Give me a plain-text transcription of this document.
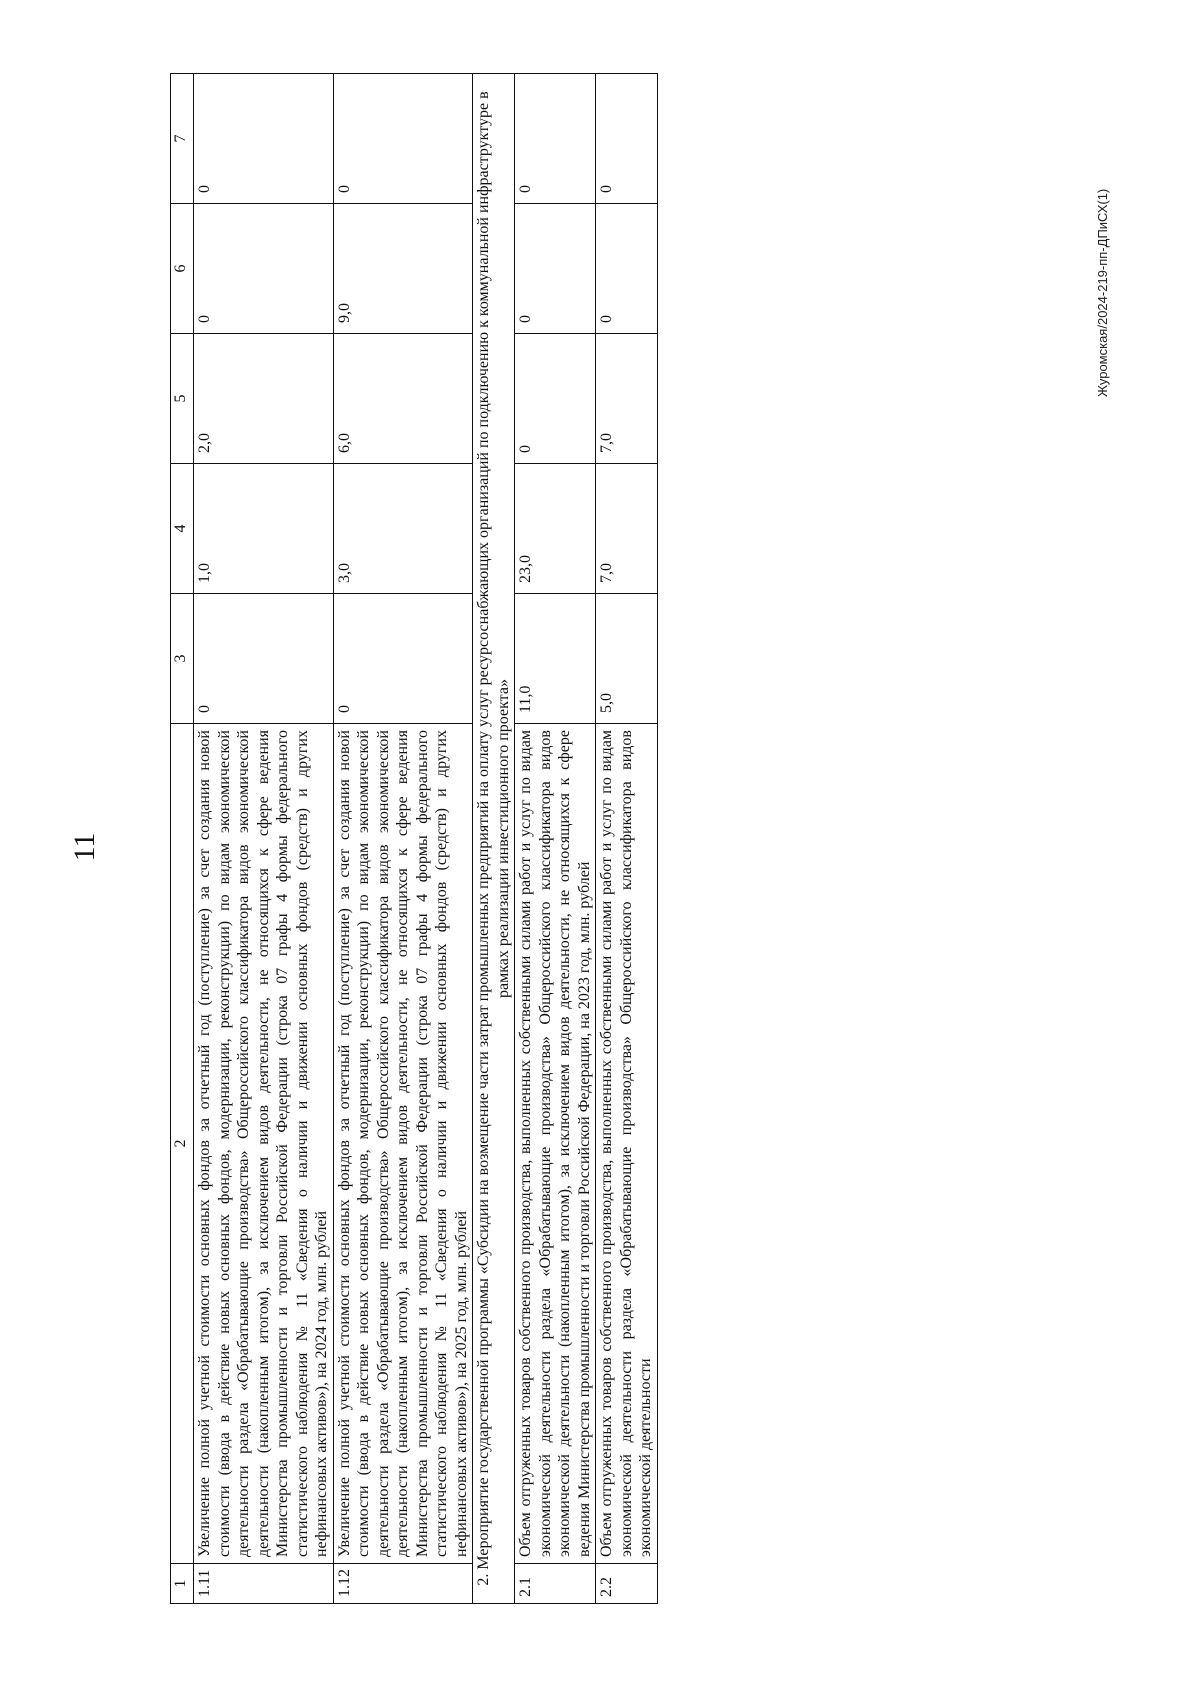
11
1	2	3	4	5	6	7
1.11	Увеличение полной учетной стоимости основных фондов за отчетный год (поступление) за счет создания новой стоимости (ввода в действие новых основных фондов, модернизации, реконструкции) по видам экономической деятельности раздела «Обрабатывающие производства» Общероссийского классификатора видов экономической деятельности (накопленным итогом), за исключением видов деятельности, не относящихся к сфере ведения Министерства промышленности и торговли Российской Федерации (строка 07 графы 4 формы федерального статистического наблюдения № 11 «Сведения о наличии и движении основных фондов (средств) и других нефинансовых активов»), на 2024 год, млн. рублей	0	1,0	2,0	0	0
1.12	Увеличение полной учетной стоимости основных фондов за отчетный год (поступление) за счет создания новой стоимости (ввода в действие новых основных фондов, модернизации, реконструкции) по видам экономической деятельности раздела «Обрабатывающие производства» Общероссийского классификатора видов экономической деятельности (накопленным итогом), за исключением видов деятельности, не относящихся к сфере ведения Министерства промышленности и торговли Российской Федерации (строка 07 графы 4 формы федерального статистического наблюдения № 11 «Сведения о наличии и движении основных фондов (средств) и других нефинансовых активов»), на 2025 год, млн. рублей	0	3,0	6,0	9,0	0
2. Мероприятие государственной программы «Субсидии на возмещение части затрат промышленных предприятий на оплату услуг ресурсоснабжающих организаций по подключению к коммунальной инфраструктуре в рамках реализации инвестиционного проекта»						
2.1	Объем отгруженных товаров собственного производства, выполненных собственными силами работ и услуг по видам экономической деятельности раздела «Обрабатывающие производства» Общероссийского классификатора видов экономической деятельности (накопленным итогом), за исключением видов деятельности, не относящихся к сфере ведения Министерства промышленности и торговли Российской Федерации, на 2023 год, млн. рублей	11,0	23,0	0	0	0
2.2	Объем отгруженных товаров собственного производства, выполненных собственными силами работ и услуг по видам экономической деятельности раздела «Обрабатывающие производства» Общероссийского классификатора видов экономической деятельности	5,0	7,0	7,0	0	0	Журомская/2024-219-пп-ДПиСХ(1)
